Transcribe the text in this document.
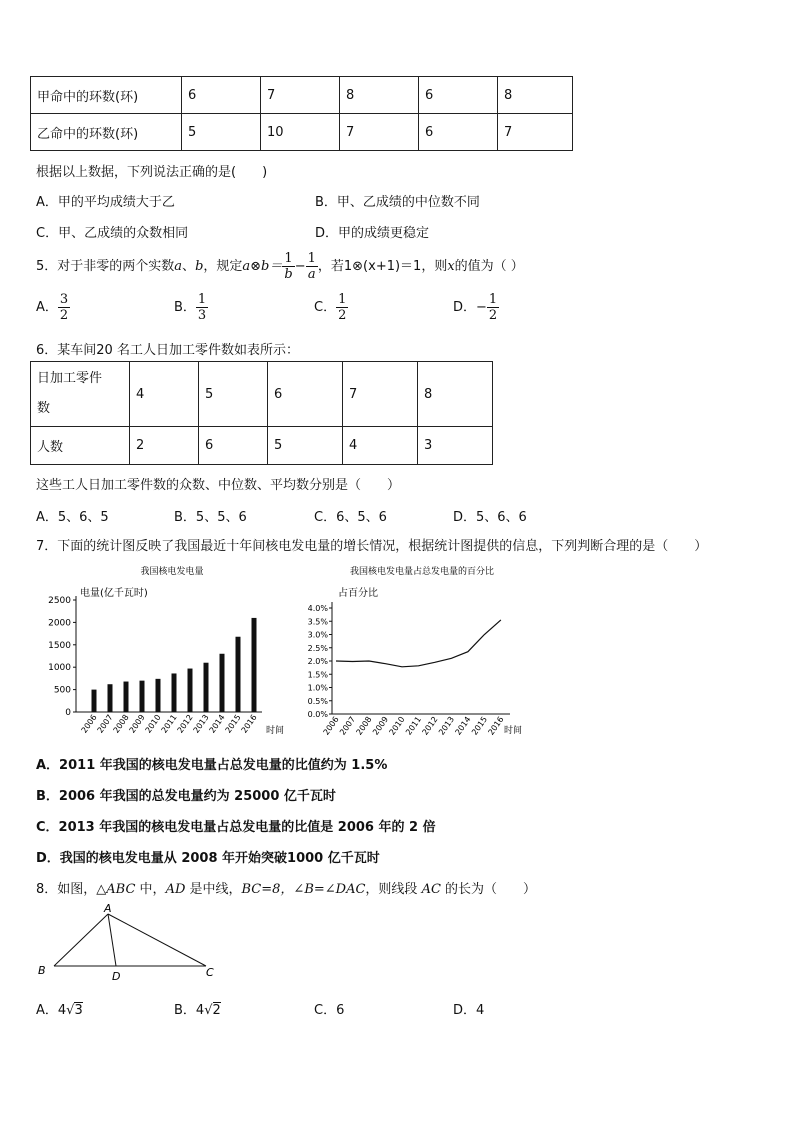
甲命中的环数(环)	6	7	8	6	8
乙命中的环数(环)	5	10	7	6	7
根据以上数据，下列说法正确的是(　　)
A．甲的平均成绩大于乙	B．甲、乙成绩的中位数不同
C．甲、乙成绩的众数相同	D．甲的成绩更稳定
5．对于非零的两个实数a、b，规定a⊗b＝ $\frac{1}{b} - \frac{1}{a}$ ，若1⊗(x+1)＝1，则x的值为（ ）
A． $\frac{3}{2}$	B． $\frac{1}{3}$	C． $\frac{1}{2}$	D．− $\frac{1}{2}$
6．某车间20 名工人日加工零件数如表所示：
日加工零件
数	4	5	6	7	8
人数	2	6	5	4	3
这些工人日加工零件数的众数、中位数、平均数分别是（　　）
A．5、6、5	B．5、5、6	C．6、5、6	D．5、6、6
7．下面的统计图反映了我国最近十年间核电发电量的增长情况，根据统计图提供的信息，下列判断合理的是（　　）
我国核电发电量
电量(亿千瓦时)
时间
0
500
1000
1500
2000
2500
2006
2007
2008
2009
2010
2011
2012
2013
2014
2015
2016
我国核电发电量占总发电量的百分比
占百分比
时间
0.0%
0.5%
1.0%
1.5%
2.0%
2.5%
3.0%
3.5%
4.0%
2006
2007
2008
2009
2010
2011
2012
2013
2014
2015
2016
A．2011 年我国的核电发电量占总发电量的比值约为 1.5%
B．2006 年我国的总发电量约为 25000 亿千瓦时
C．2013 年我国的核电发电量占总发电量的比值是 2006 年的 2 倍
D．我国的核电发电量从 2008 年开始突破1000 亿千瓦时
8．如图，△ABC 中，AD 是中线，BC=8，∠B=∠DAC，则线段 AC 的长为（　　）
A
B	C
D
A．4√3	B．4√2	C．6	D．4
